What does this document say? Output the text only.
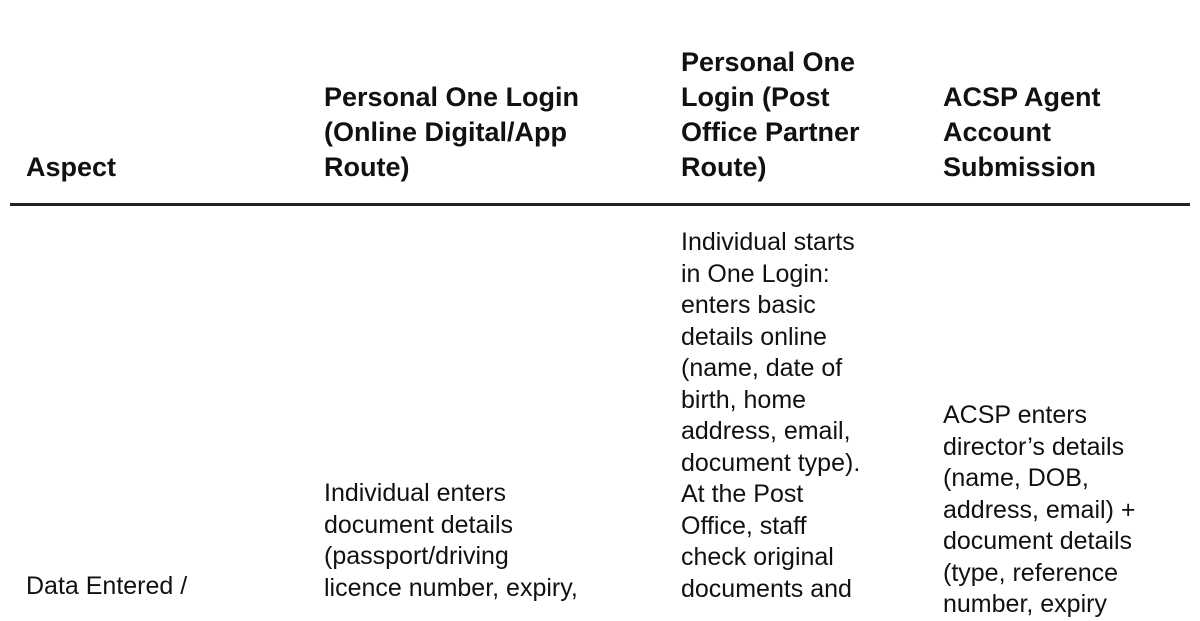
Aspect
Personal One Login
(Online Digital/App
Route)
Personal One
Login (Post
Office Partner
Route)
ACSP Agent
Account
Submission
Data Entered /
Individual enters
document details
(passport/driving
licence number, expiry,
Individual starts
in One Login:
enters basic
details online
(name, date of
birth, home
address, email,
document type).
At the Post
Office, staff
check original
documents and
ACSP enters
director’s details
(name, DOB,
address, email) +
document details
(type, reference
number, expiry
